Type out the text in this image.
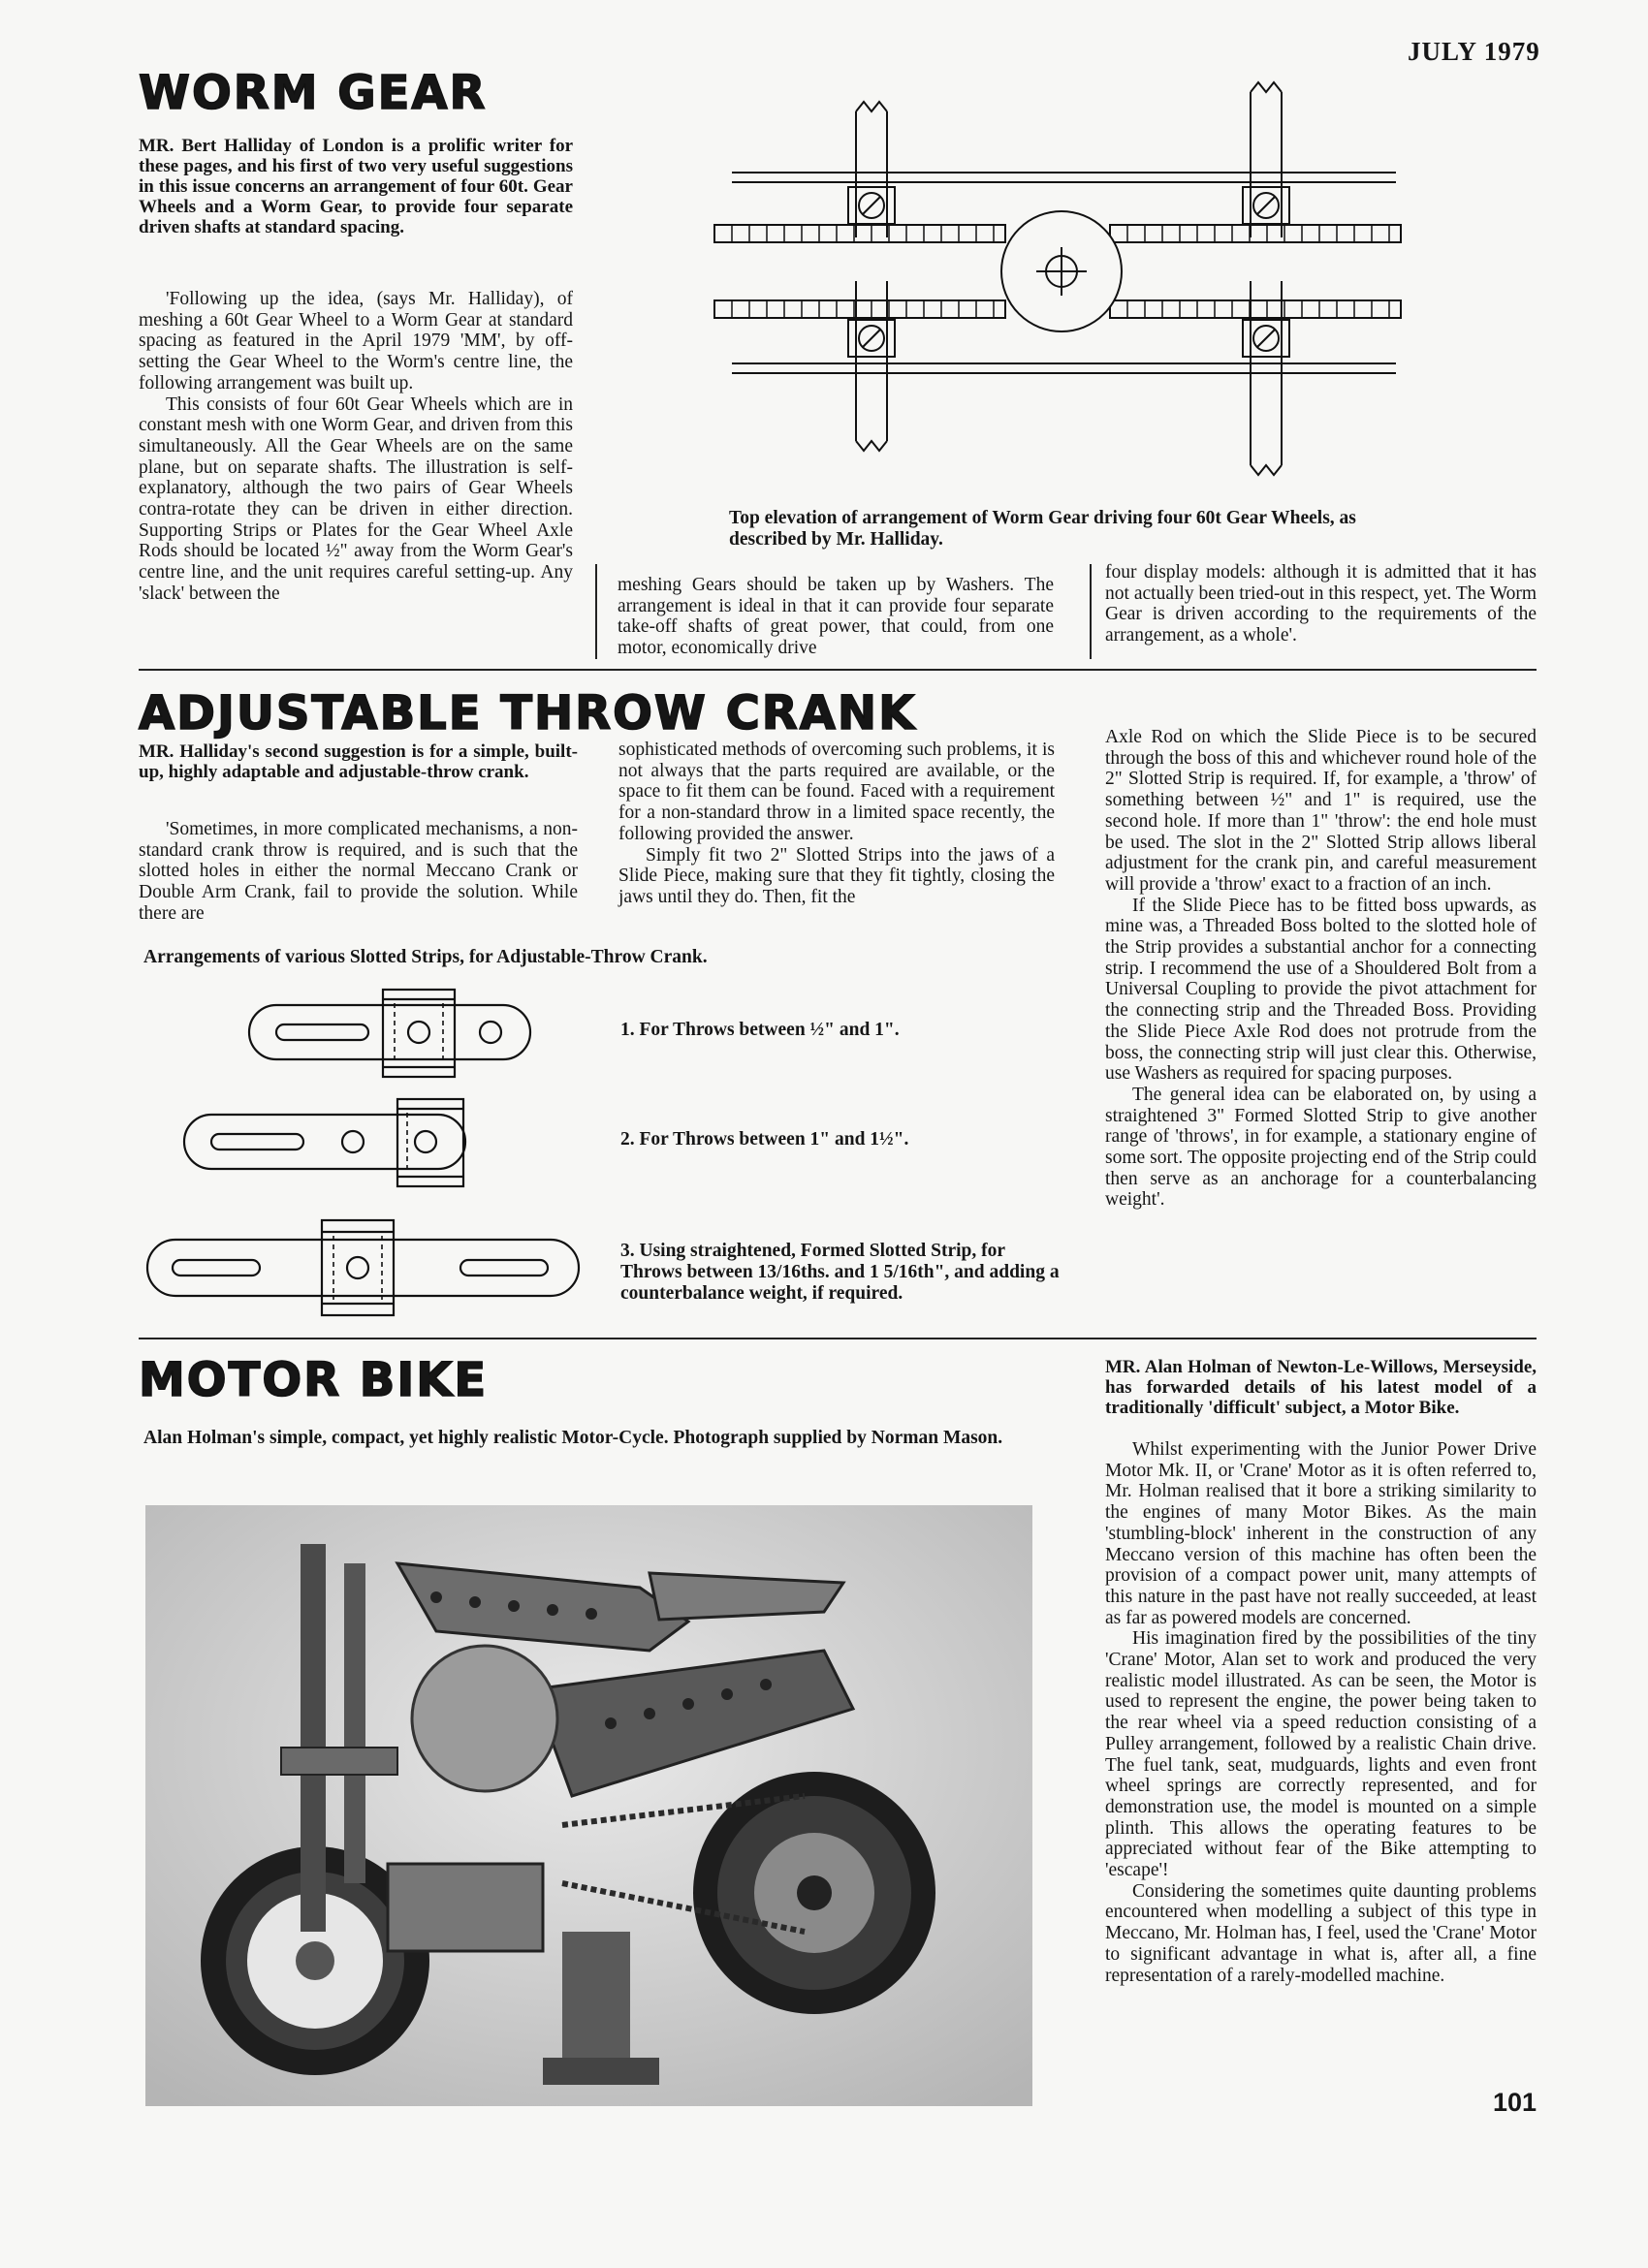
JULY 1979
WORM GEAR

MR. Bert Halliday of London is a prolific writer for these pages, and his first of two very useful suggestions in this issue concerns an arrangement of four 60t. Gear Wheels and a Worm Gear, to provide four separate driven shafts at standard spacing.

'Following up the idea, (says Mr. Halliday), of meshing a 60t Gear Wheel to a Worm Gear at standard spacing as featured in the April 1979 'MM', by off-setting the Gear Wheel to the Worm's centre line, the following arrangement was built up.

This consists of four 60t Gear Wheels which are in constant mesh with one Worm Gear, and driven from this simultaneously. All the Gear Wheels are on the same plane, but on separate shafts. The illustration is self-explanatory, although the two pairs of Gear Wheels contra-rotate they can be driven in either direction. Supporting Strips or Plates for the Gear Wheel Axle Rods should be located ½" away from the Worm Gear's centre line, and the unit requires careful setting-up. Any 'slack' between the

Top elevation of arrangement of Worm Gear driving four 60t Gear Wheels, as described by Mr. Halliday.

meshing Gears should be taken up by Washers. The arrangement is ideal in that it can provide four separate take-off shafts of great power, that could, from one motor, economically drive

four display models: although it is admitted that it has not actually been tried-out in this respect, yet. The Worm Gear is driven according to the requirements of the arrangement, as a whole'.

ADJUSTABLE THROW CRANK

MR. Halliday's second suggestion is for a simple, built-up, highly adaptable and adjustable-throw crank.

'Sometimes, in more complicated mechanisms, a non-standard crank throw is required, and is such that the slotted holes in either the normal Meccano Crank or Double Arm Crank, fail to provide the solution. While there are

sophisticated methods of overcoming such problems, it is not always that the parts required are available, or the space to fit them can be found. Faced with a requirement for a non-standard throw in a limited space recently, the following provided the answer.

Simply fit two 2" Slotted Strips into the jaws of a Slide Piece, making sure that they fit tightly, closing the jaws until they do. Then, fit the

Axle Rod on which the Slide Piece is to be secured through the boss of this and whichever round hole of the 2" Slotted Strip is required. If, for example, a 'throw' of something between ½" and 1" is required, use the second hole. If more than 1" 'throw': the end hole must be used. The slot in the 2" Slotted Strip allows liberal adjustment for the crank pin, and careful measurement will provide a 'throw' exact to a fraction of an inch.

If the Slide Piece has to be fitted boss upwards, as mine was, a Threaded Boss bolted to the slotted hole of the Strip provides a substantial anchor for a connecting strip. I recommend the use of a Shouldered Bolt from a Universal Coupling to provide the pivot attachment for the connecting strip and the Threaded Boss. Providing the Slide Piece Axle Rod does not protrude from the boss, the connecting strip will just clear this. Otherwise, use Washers as required for spacing purposes.

The general idea can be elaborated on, by using a straightened 3" Formed Slotted Strip to give another range of 'throws', in for example, a stationary engine of some sort. The opposite projecting end of the Strip could then serve as an anchorage for a counterbalancing weight'.

Arrangements of various Slotted Strips, for Adjustable-Throw Crank.

1. For Throws between ½" and 1".

2. For Throws between 1" and 1½".

3. Using straightened, Formed Slotted Strip, for Throws between 13/16ths. and 1 5/16th", and adding a counterbalance weight, if required.

MOTOR BIKE

Alan Holman's simple, compact, yet highly realistic Motor-Cycle. Photograph supplied by Norman Mason.

MR. Alan Holman of Newton-Le-Willows, Merseyside, has forwarded details of his latest model of a traditionally 'difficult' subject, a Motor Bike.

Whilst experimenting with the Junior Power Drive Motor Mk. II, or 'Crane' Motor as it is often referred to, Mr. Holman realised that it bore a striking similarity to the engines of many Motor Bikes. As the main 'stumbling-block' inherent in the construction of any Meccano version of this machine has often been the provision of a compact power unit, many attempts of this nature in the past have not really succeeded, at least as far as powered models are concerned.

His imagination fired by the possibilities of the tiny 'Crane' Motor, Alan set to work and produced the very realistic model illustrated. As can be seen, the Motor is used to represent the engine, the power being taken to the rear wheel via a speed reduction consisting of a Pulley arrangement, followed by a realistic Chain drive. The fuel tank, seat, mudguards, lights and even front wheel springs are correctly represented, and for demonstration use, the model is mounted on a simple plinth. This allows the operating features to be appreciated without fear of the Bike attempting to 'escape'!

Considering the sometimes quite daunting problems encountered when modelling a subject of this type in Meccano, Mr. Holman has, I feel, used the 'Crane' Motor to significant advantage in what is, after all, a fine representation of a rarely-modelled machine.

101
